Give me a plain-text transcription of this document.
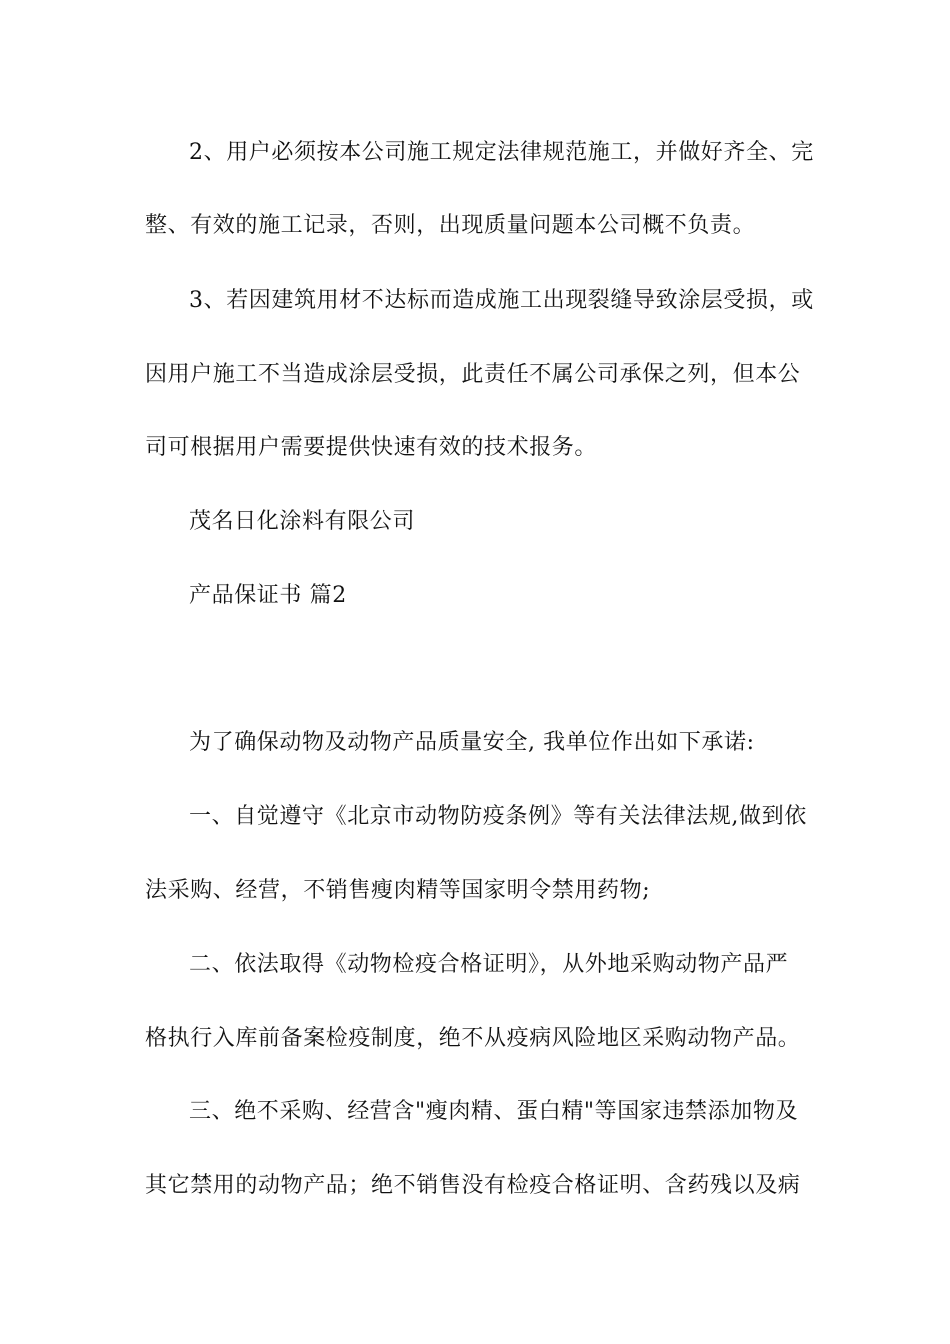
2、用户必须按本公司施工规定法律规范施工，并做好齐全、完
整、有效的施工记录，否则，出现质量问题本公司概不负责。
3、若因建筑用材不达标而造成施工出现裂缝导致涂层受损，或
因用户施工不当造成涂层受损，此责任不属公司承保之列，但本公
司可根据用户需要提供快速有效的技术报务。
茂名日化涂料有限公司
产品保证书 篇2
为了确保动物及动物产品质量安全, 我单位作出如下承诺:
一、自觉遵守《北京市动物防疫条例》等有关法律法规,做到依
法采购、经营，不销售瘦肉精等国家明令禁用药物;
二、依法取得《动物检疫合格证明》，从外地采购动物产品严
格执行入库前备案检疫制度，绝不从疫病风险地区采购动物产品。
三、绝不采购、经营含"瘦肉精、蛋白精"等国家违禁添加物及
其它禁用的动物产品；绝不销售没有检疫合格证明、含药残以及病
